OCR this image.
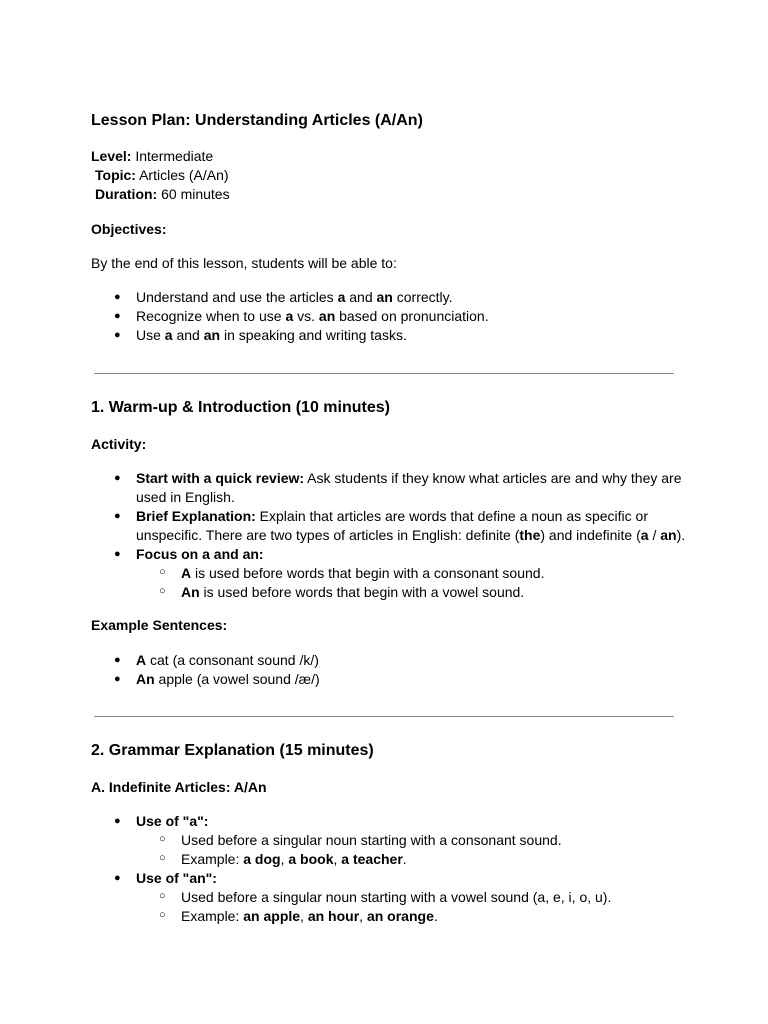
Lesson Plan: Understanding Articles (A/An)

Level: Intermediate

Topic: Articles (A/An)

Duration: 60 minutes

Objectives:

By the end of this lesson, students will be able to:

● Understand and use the articles a and an correctly.
● Recognize when to use a vs. an based on pronunciation.
● Use a and an in speaking and writing tasks.
1. Warm-up & Introduction (10 minutes)

Activity:

● Start with a quick review: Ask students if they know what articles are and why they are used in English.
● Brief Explanation: Explain that articles are words that define a noun as specific or unspecific. There are two types of articles in English: definite (the) and indefinite (a / an).
● Focus on a and an:
○ A is used before words that begin with a consonant sound.
○ An is used before words that begin with a vowel sound.

Example Sentences:

● A cat (a consonant sound /k/)
● An apple (a vowel sound /æ/)
2. Grammar Explanation (15 minutes)

A. Indefinite Articles: A/An

● Use of "a":
○ Used before a singular noun starting with a consonant sound.
○ Example: a dog, a book, a teacher.
● Use of "an":
○ Used before a singular noun starting with a vowel sound (a, e, i, o, u).
○ Example: an apple, an hour, an orange.
